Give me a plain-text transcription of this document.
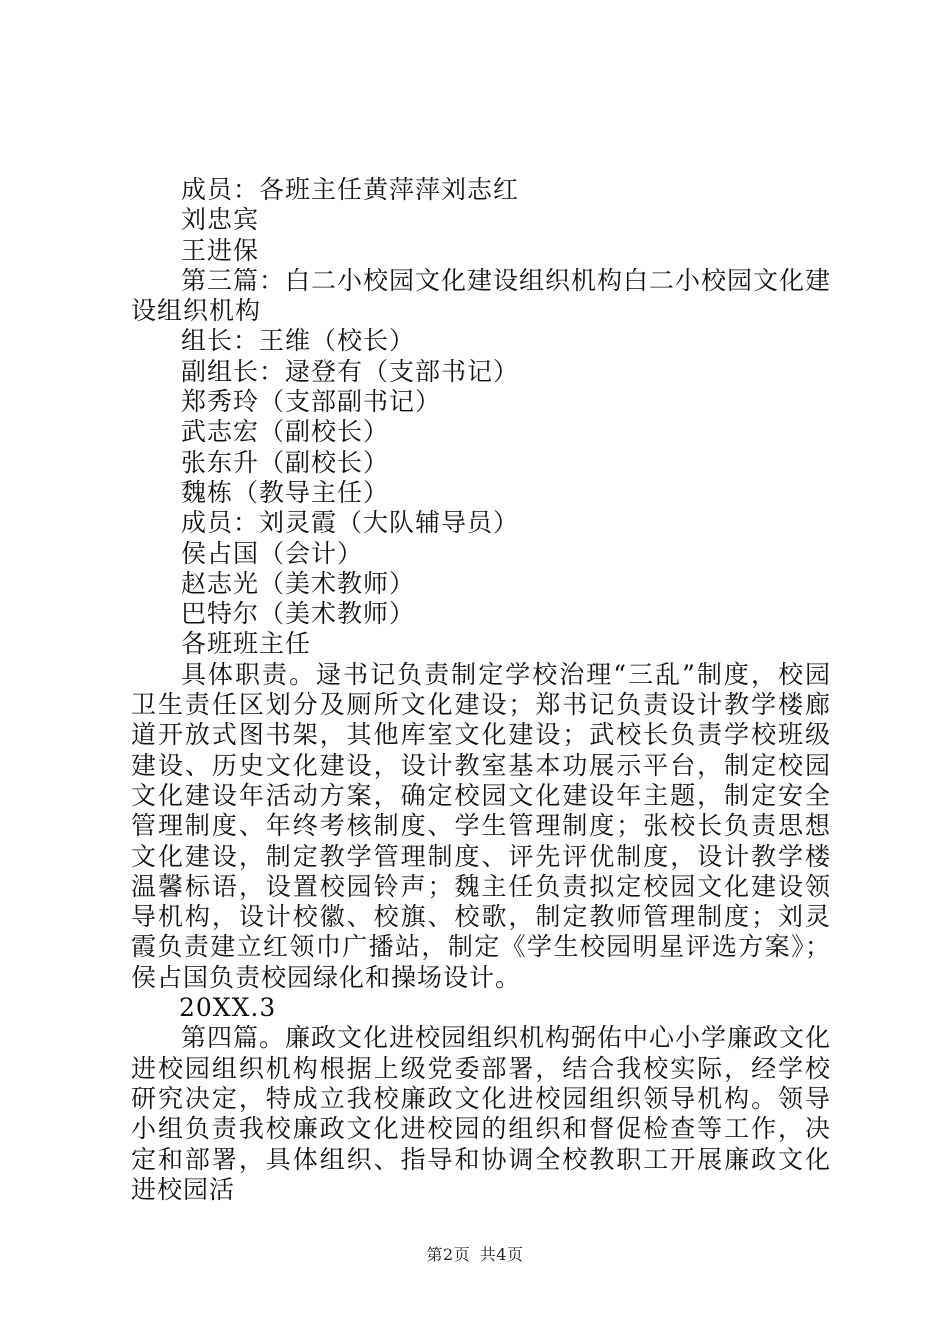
成员：各班主任黄萍萍刘志红

刘忠宾

王进保

第三篇：白二小校园文化建设组织机构白二小校园文化建设组织机构

组长：王维（校长）

副组长：逯登有（支部书记）

郑秀玲（支部副书记）

武志宏（副校长）

张东升（副校长）

魏栋（教导主任）

成员：刘灵霞（大队辅导员）

侯占国（会计）

赵志光（美术教师）

巴特尔（美术教师）

各班班主任

具体职责。逯书记负责制定学校治理“三乱”制度，校园卫生责任区划分及厕所文化建设；郑书记负责设计教学楼廊道开放式图书架，其他库室文化建设；武校长负责学校班级建设、历史文化建设，设计教室基本功展示平台，制定校园文化建设年活动方案，确定校园文化建设年主题，制定安全管理制度、年终考核制度、学生管理制度；张校长负责思想文化建设，制定教学管理制度、评先评优制度，设计教学楼温馨标语，设置校园铃声；魏主任负责拟定校园文化建设领导机构，设计校徽、校旗、校歌，制定教师管理制度；刘灵霞负责建立红领巾广播站，制定《学生校园明星评选方案》；侯占国负责校园绿化和操场设计。

20XX.3

第四篇。廉政文化进校园组织机构弼佑中心小学廉政文化进校园组织机构根据上级党委部署，结合我校实际，经学校研究决定，特成立我校廉政文化进校园组织领导机构。领导小组负责我校廉政文化进校园的组织和督促检查等工作，决定和部署，具体组织、指导和协调全校教职工开展廉政文化进校园活

第2页 共4页
